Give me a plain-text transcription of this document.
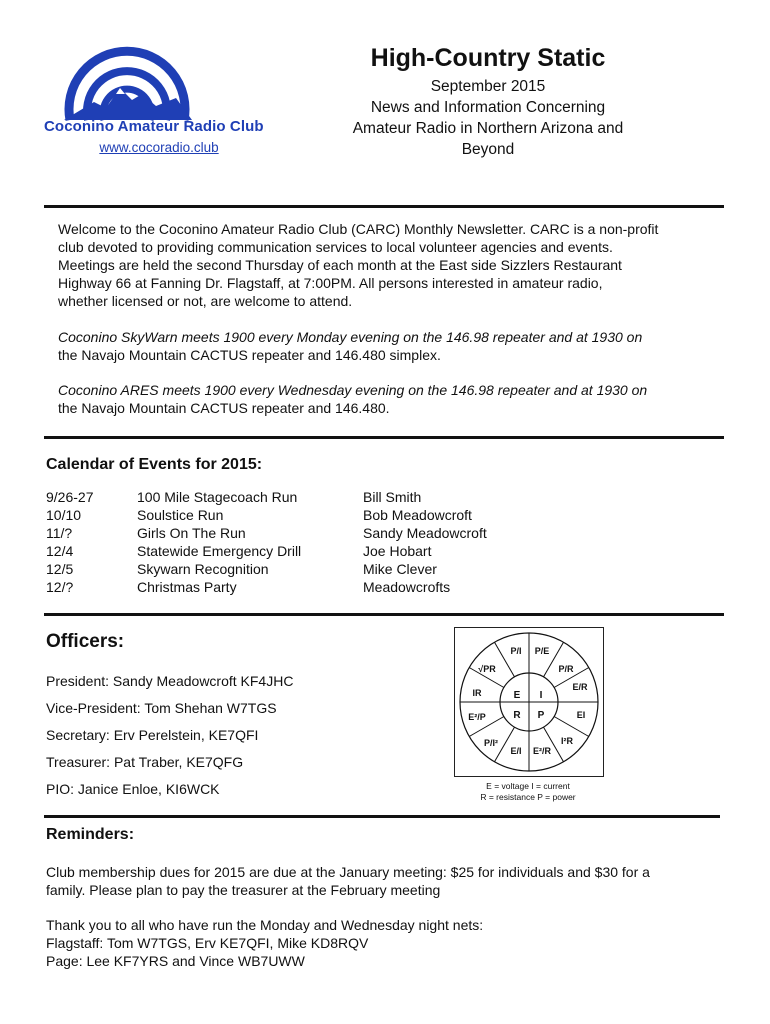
Coconino Amateur Radio Club
www.cocoradio.club
High-Country Static
September 2015
News and Information Concerning
Amateur Radio in Northern Arizona and
Beyond
Welcome to the Coconino Amateur Radio Club (CARC) Monthly Newsletter. CARC is a non-profit
club devoted to providing communication services to local volunteer agencies and events.
Meetings are held the second Thursday of each month at the East side Sizzlers Restaurant
Highway 66 at Fanning Dr. Flagstaff, at 7:00PM. All persons interested in amateur radio,
whether licensed or not, are welcome to attend.
Coconino SkyWarn meets 1900 every Monday evening on the 146.98 repeater and at 1930 on
the Navajo Mountain CACTUS repeater and 146.480 simplex.
Coconino ARES meets 1900 every Wednesday evening on the 146.98 repeater and at 1930 on
the Navajo Mountain CACTUS repeater and 146.480.
Calendar of Events for 2015:
9/26-27	100 Mile Stagecoach Run	Bill Smith
10/10	Soulstice Run	Bob Meadowcroft
11/?	Girls On The Run	Sandy Meadowcroft
12/4	Statewide Emergency Drill	Joe Hobart
12/5	Skywarn Recognition	Mike Clever
12/?	Christmas Party	Meadowcrofts
Officers:
President: Sandy Meadowcroft KF4JHC
Vice-President: Tom Shehan W7TGS
Secretary: Erv Perelstein, KE7QFI
Treasurer: Pat Traber, KE7QFG
PIO: Janice Enloe, KI6WCK
E I
R P
P/I P/E
P/R
√PR
E/R
IR
EI
E²/P
I²R
P/I²
E/I E²/R
E = voltage I = current
R = resistance P = power
Reminders:
Club membership dues for 2015 are due at the January meeting: $25 for individuals and $30 for a
family. Please plan to pay the treasurer at the February meeting
Thank you to all who have run the Monday and Wednesday night nets:
Flagstaff: Tom W7TGS, Erv KE7QFI, Mike KD8RQV
Page: Lee KF7YRS and Vince WB7UWW
